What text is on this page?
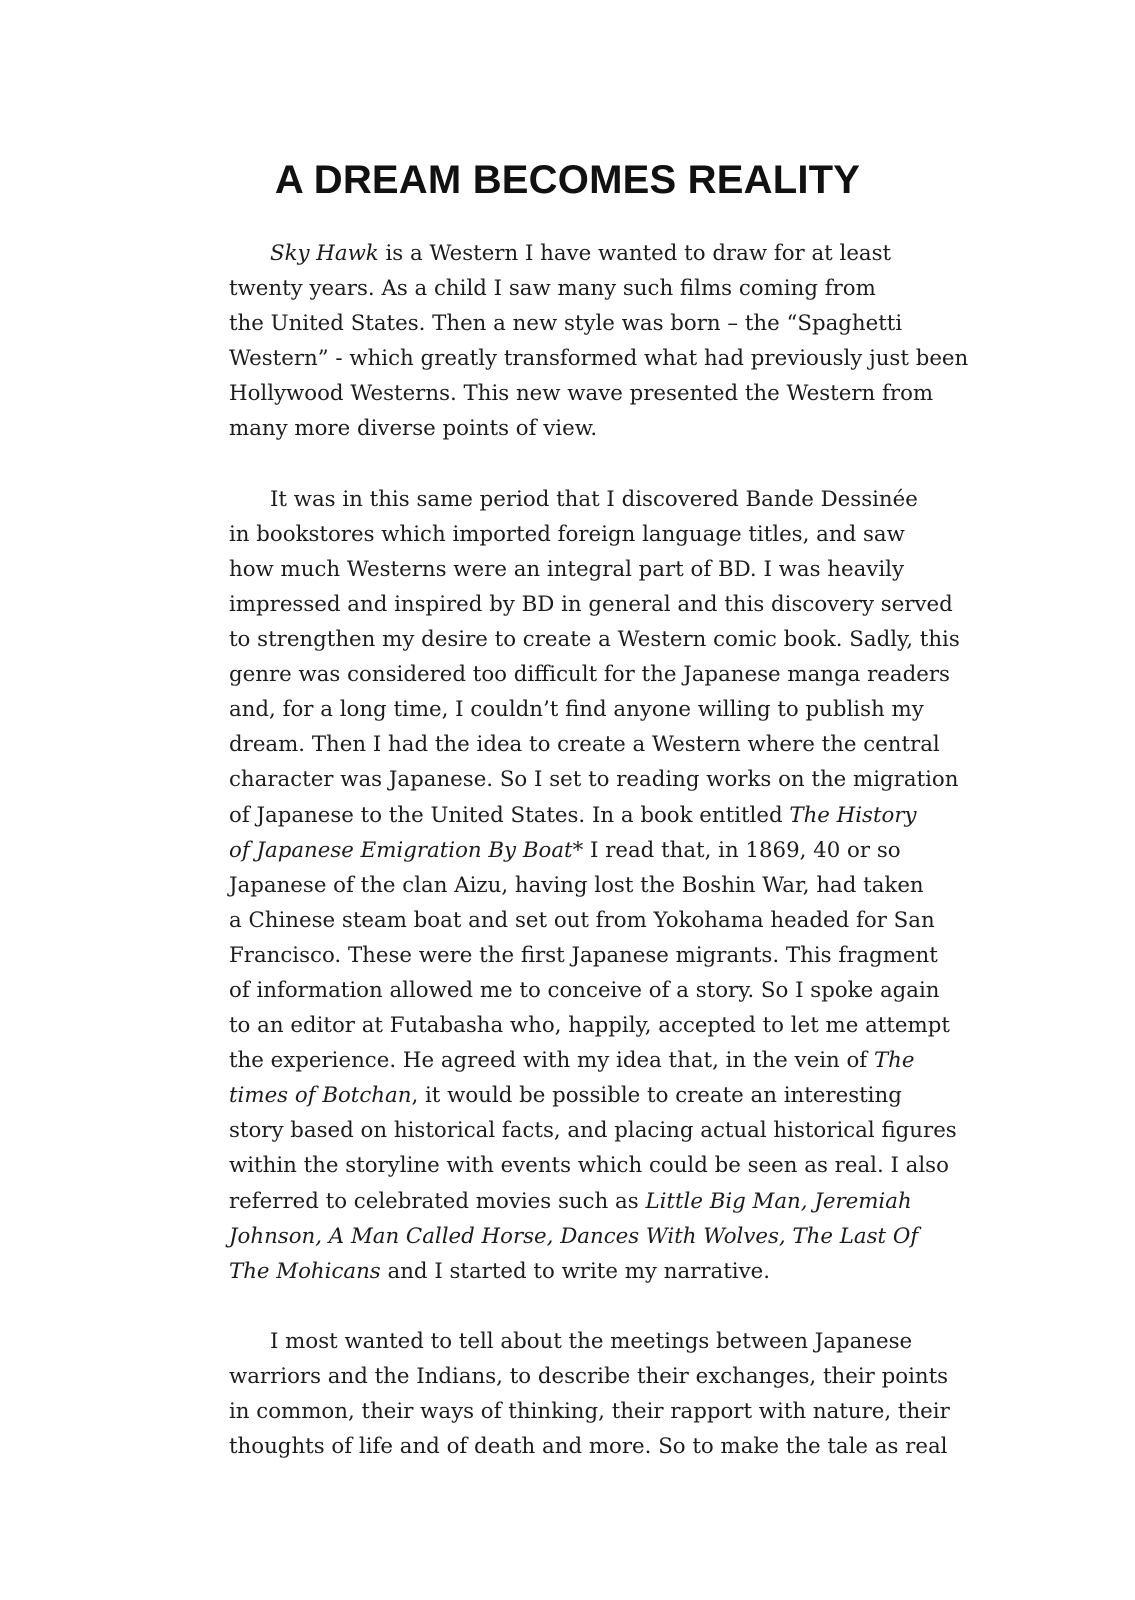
A DREAM BECOMES REALITY
Sky Hawk is a Western I have wanted to draw for at least
twenty years. As a child I saw many such films coming from
the United States. Then a new style was born – the “Spaghetti
Western” - which greatly transformed what had previously just been
Hollywood Westerns. This new wave presented the Western from
many more diverse points of view.
It was in this same period that I discovered Bande Dessinée
in bookstores which imported foreign language titles, and saw
how much Westerns were an integral part of BD. I was heavily
impressed and inspired by BD in general and this discovery served
to strengthen my desire to create a Western comic book. Sadly, this
genre was considered too difficult for the Japanese manga readers
and, for a long time, I couldn’t find anyone willing to publish my
dream. Then I had the idea to create a Western where the central
character was Japanese. So I set to reading works on the migration
of Japanese to the United States. In a book entitled The History
of Japanese Emigration By Boat* I read that, in 1869, 40 or so
Japanese of the clan Aizu, having lost the Boshin War, had taken
a Chinese steam boat and set out from Yokohama headed for San
Francisco. These were the first Japanese migrants. This fragment
of information allowed me to conceive of a story. So I spoke again
to an editor at Futabasha who, happily, accepted to let me attempt
the experience. He agreed with my idea that, in the vein of The
times of Botchan, it would be possible to create an interesting
story based on historical facts, and placing actual historical figures
within the storyline with events which could be seen as real. I also
referred to celebrated movies such as Little Big Man, Jeremiah
Johnson, A Man Called Horse, Dances With Wolves, The Last Of
The Mohicans and I started to write my narrative.
I most wanted to tell about the meetings between Japanese
warriors and the Indians, to describe their exchanges, their points
in common, their ways of thinking, their rapport with nature, their
thoughts of life and of death and more. So to make the tale as real
